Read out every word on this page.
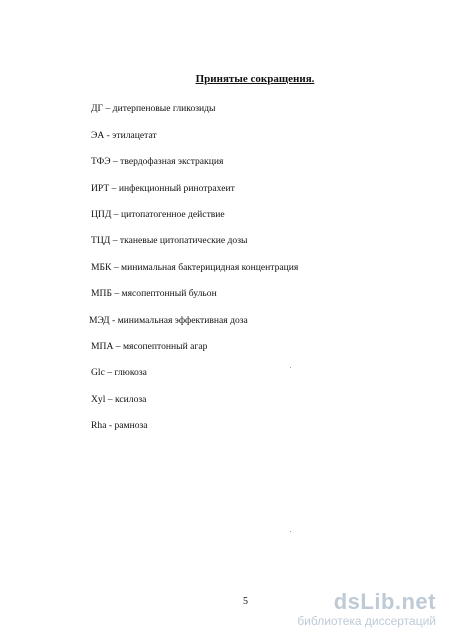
Принятые сокращения.
ДГ – дитерпеновые гликозиды
ЭА - этилацетат
ТФЭ – твердофазная экстракция
ИРТ – инфекционный ринотрахеит
ЦПД – цитопатогенное действие
ТЦД – тканевые цитопатические дозы
МБК – минимальная бактерицидная концентрация
МПБ – мясопептонный бульон
МЭД - минимальная эффективная доза
МПА – мясопептонный агар
Glc – глюкоза
Xyl – ксилоза
Rha - рамноза
5	dsLib.net
библиотека диссертаций
